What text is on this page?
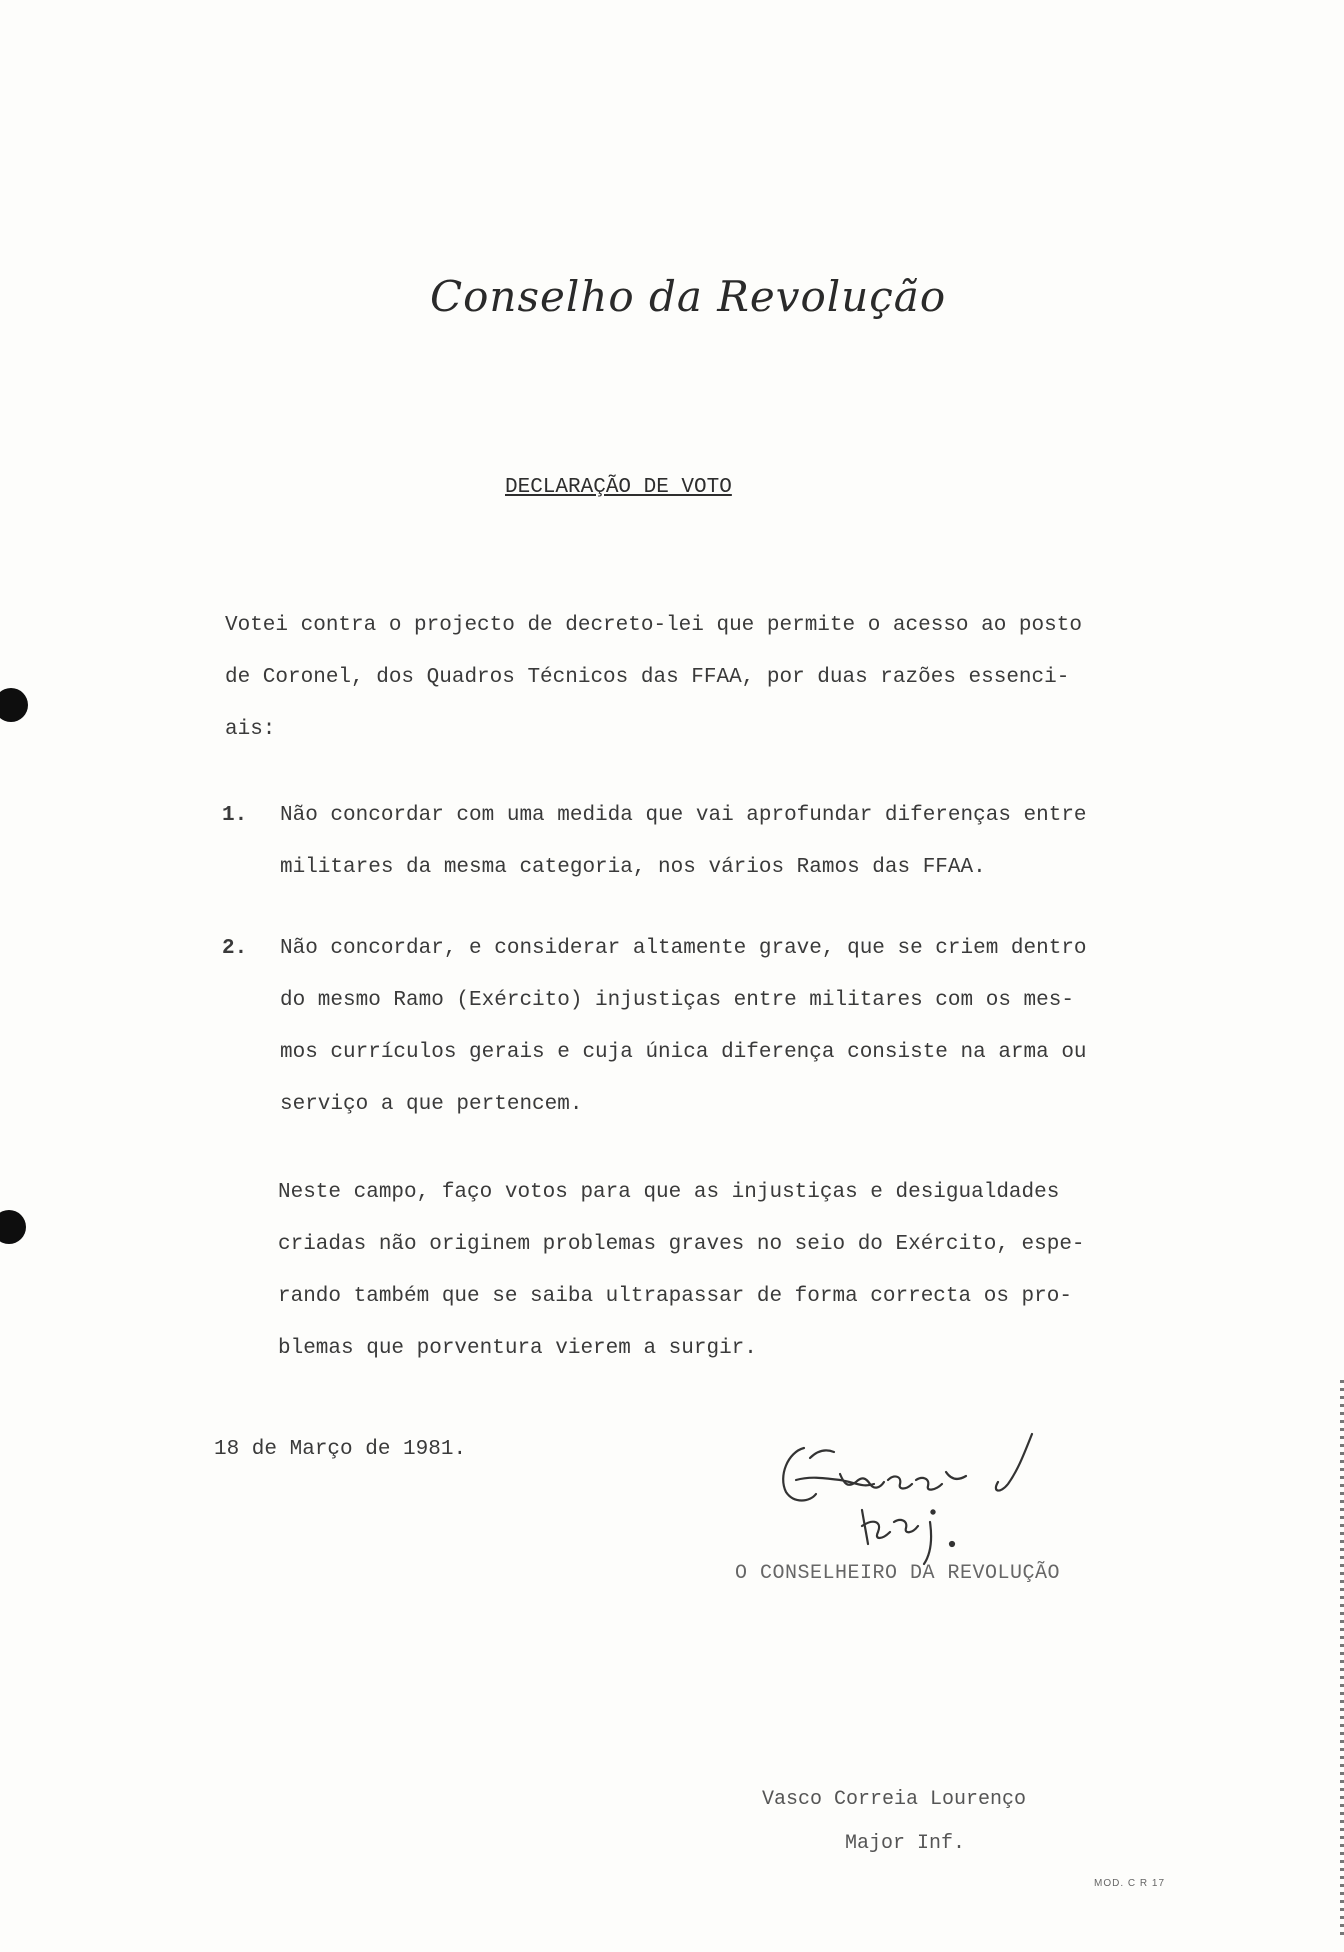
Conselho da Revolução
DECLARAÇÃO DE VOTO
Votei contra o projecto de decreto-lei que permite o acesso ao posto
de Coronel, dos Quadros Técnicos das FFAA, por duas razões essenci-
ais:
1. Não concordar com uma medida que vai aprofundar diferenças entre
militares da mesma categoria, nos vários Ramos das FFAA.
2. Não concordar, e considerar altamente grave, que se criem dentro
do mesmo Ramo (Exército) injustiças entre militares com os mes-
mos currículos gerais e cuja única diferença consiste na arma ou
serviço a que pertencem.
Neste campo, faço votos para que as injustiças e desigualdades
criadas não originem problemas graves no seio do Exército, espe-
rando também que se saiba ultrapassar de forma correcta os pro-
blemas que porventura vierem a surgir.
18 de Março de 1981.
O CONSELHEIRO DA REVOLUÇÃO
Lourenço Maj.
Vasco Correia Lourenço
Major Inf.
MOD. C R 17
